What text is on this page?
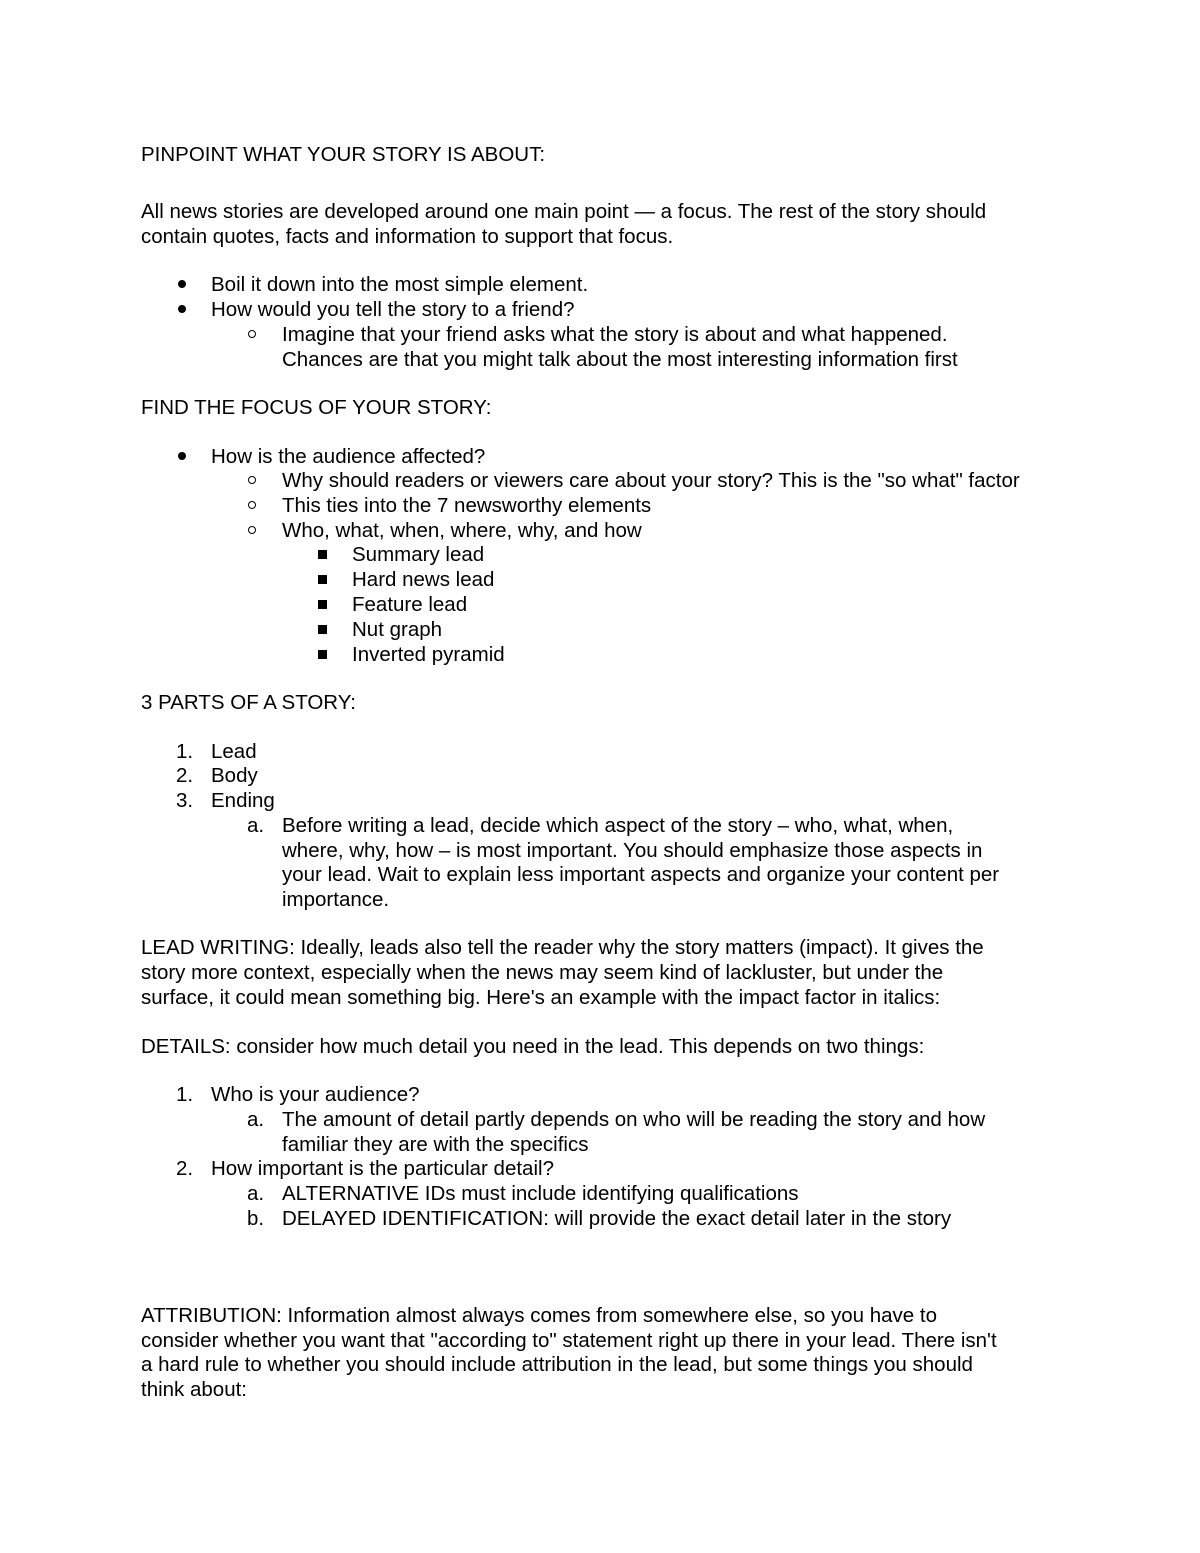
PINPOINT WHAT YOUR STORY IS ABOUT:
All news stories are developed around one main point — a focus. The rest of the story should
contain quotes, facts and information to support that focus.
Boil it down into the most simple element.
How would you tell the story to a friend?
Imagine that your friend asks what the story is about and what happened.
Chances are that you might talk about the most interesting information first
FIND THE FOCUS OF YOUR STORY:
How is the audience affected?
Why should readers or viewers care about your story? This is the "so what" factor
This ties into the 7 newsworthy elements
Who, what, when, where, why, and how
Summary lead
Hard news lead
Feature lead
Nut graph
Inverted pyramid
3 PARTS OF A STORY:
1. Lead
2. Body
3. Ending
a. Before writing a lead, decide which aspect of the story – who, what, when,
where, why, how – is most important. You should emphasize those aspects in
your lead. Wait to explain less important aspects and organize your content per
importance.
LEAD WRITING: Ideally, leads also tell the reader why the story matters (impact). It gives the
story more context, especially when the news may seem kind of lackluster, but under the
surface, it could mean something big. Here's an example with the impact factor in italics:
DETAILS: consider how much detail you need in the lead. This depends on two things:
1. Who is your audience?
a. The amount of detail partly depends on who will be reading the story and how
familiar they are with the specifics
2. How important is the particular detail?
a. ALTERNATIVE IDs must include identifying qualifications
b. DELAYED IDENTIFICATION: will provide the exact detail later in the story
ATTRIBUTION: Information almost always comes from somewhere else, so you have to
consider whether you want that "according to" statement right up there in your lead. There isn't
a hard rule to whether you should include attribution in the lead, but some things you should
think about:
